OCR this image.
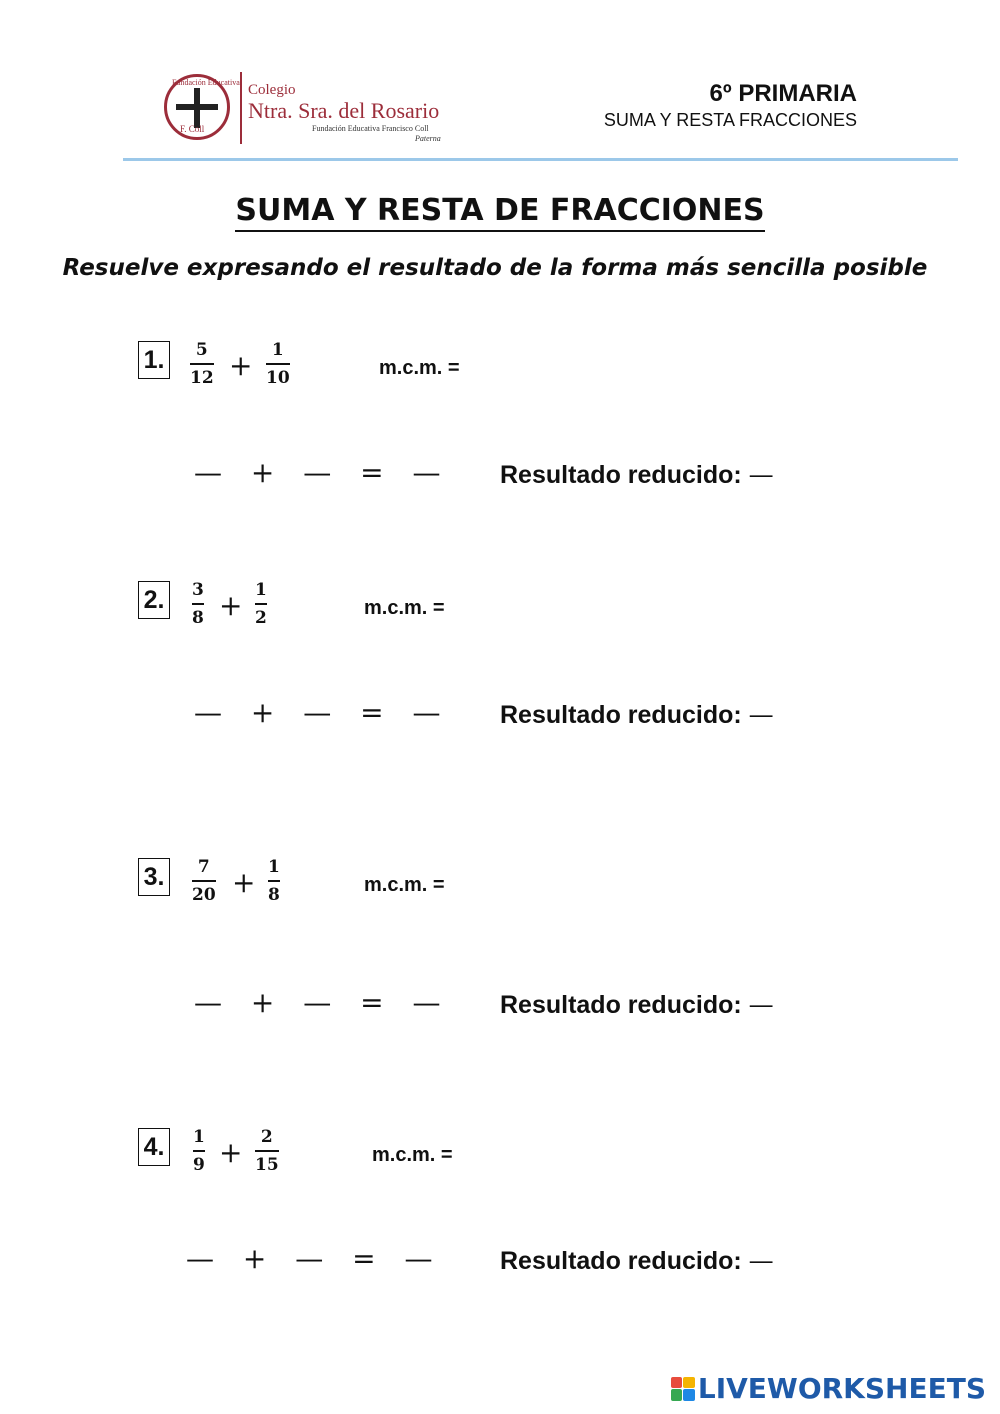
Fundación Educativa
F. Coll
Colegio
Ntra. Sra. del Rosario
Fundación Educativa Francisco Coll
Paterna
6º PRIMARIA
SUMA Y RESTA FRACCIONES
SUMA Y RESTA DE FRACCIONES
Resuelve expresando el resultado de la forma más sencilla posible
1.	5
12 + 1
10	m.c.m. =
— + — = — Resultado reducido: —
2.	3
8 + 1
2	m.c.m. =
— + — = — Resultado reducido: —
3.	7
20 + 1
8	m.c.m. =
— + — = — Resultado reducido: —
4.	1
9 + 2
15	m.c.m. =
— + — = — Resultado reducido: —
LIVEWORKSHEETS
